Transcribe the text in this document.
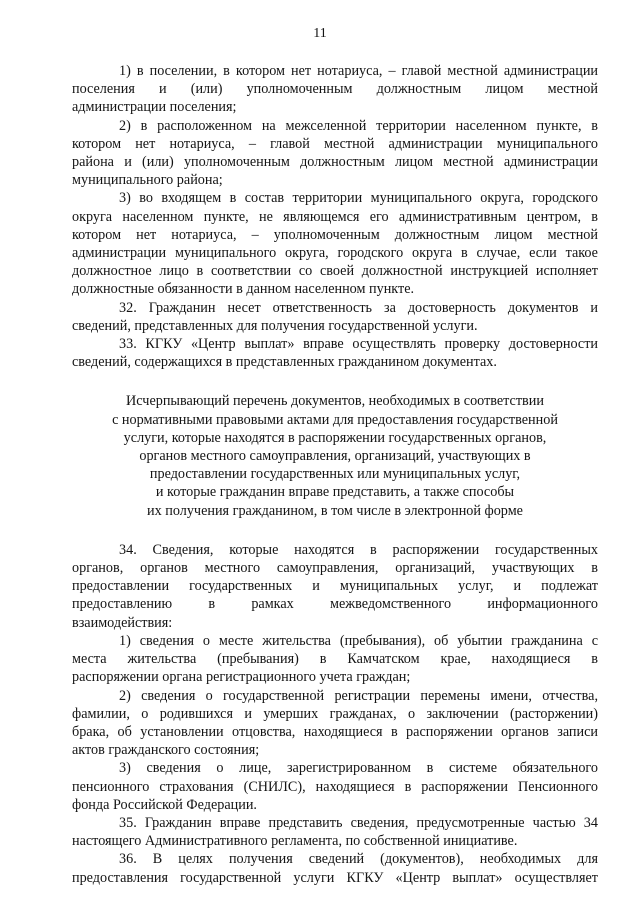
11
1) в поселении, в котором нет нотариуса, – главой местной администрации
поселения и (или) уполномоченным должностным лицом местной
администрации поселения;
2) в расположенном на межселенной территории населенном пункте, в
котором нет нотариуса, – главой местной администрации муниципального
района и (или) уполномоченным должностным лицом местной администрации
муниципального района;
3) во входящем в состав территории муниципального округа, городского
округа населенном пункте, не являющемся его административным центром, в
котором нет нотариуса, – уполномоченным должностным лицом местной
администрации муниципального округа, городского округа в случае, если такое
должностное лицо в соответствии со своей должностной инструкцией исполняет
должностные обязанности в данном населенном пункте.
32. Гражданин несет ответственность за достоверность документов и
сведений, представленных для получения государственной услуги.
33. КГКУ «Центр выплат» вправе осуществлять проверку достоверности
сведений, содержащихся в представленных гражданином документах.
Исчерпывающий перечень документов, необходимых в соответствии
с нормативными правовыми актами для предоставления государственной
услуги, которые находятся в распоряжении государственных органов,
органов местного самоуправления, организаций, участвующих в
предоставлении государственных или муниципальных услуг,
и которые гражданин вправе представить, а также способы
их получения гражданином, в том числе в электронной форме
34. Сведения, которые находятся в распоряжении государственных
органов, органов местного самоуправления, организаций, участвующих в
предоставлении государственных и муниципальных услуг, и подлежат
предоставлению в рамках межведомственного информационного
взаимодействия:
1) сведения о месте жительства (пребывания), об убытии гражданина с
места жительства (пребывания) в Камчатском крае, находящиеся в
распоряжении органа регистрационного учета граждан;
2) сведения о государственной регистрации перемены имени, отчества,
фамилии, о родившихся и умерших гражданах, о заключении (расторжении)
брака, об установлении отцовства, находящиеся в распоряжении органов записи
актов гражданского состояния;
3) сведения о лице, зарегистрированном в системе обязательного
пенсионного страхования (СНИЛС), находящиеся в распоряжении Пенсионного
фонда Российской Федерации.
35. Гражданин вправе представить сведения, предусмотренные частью 34
настоящего Административного регламента, по собственной инициативе.
36. В целях получения сведений (документов), необходимых для
предоставления государственной услуги КГКУ «Центр выплат» осуществляет
